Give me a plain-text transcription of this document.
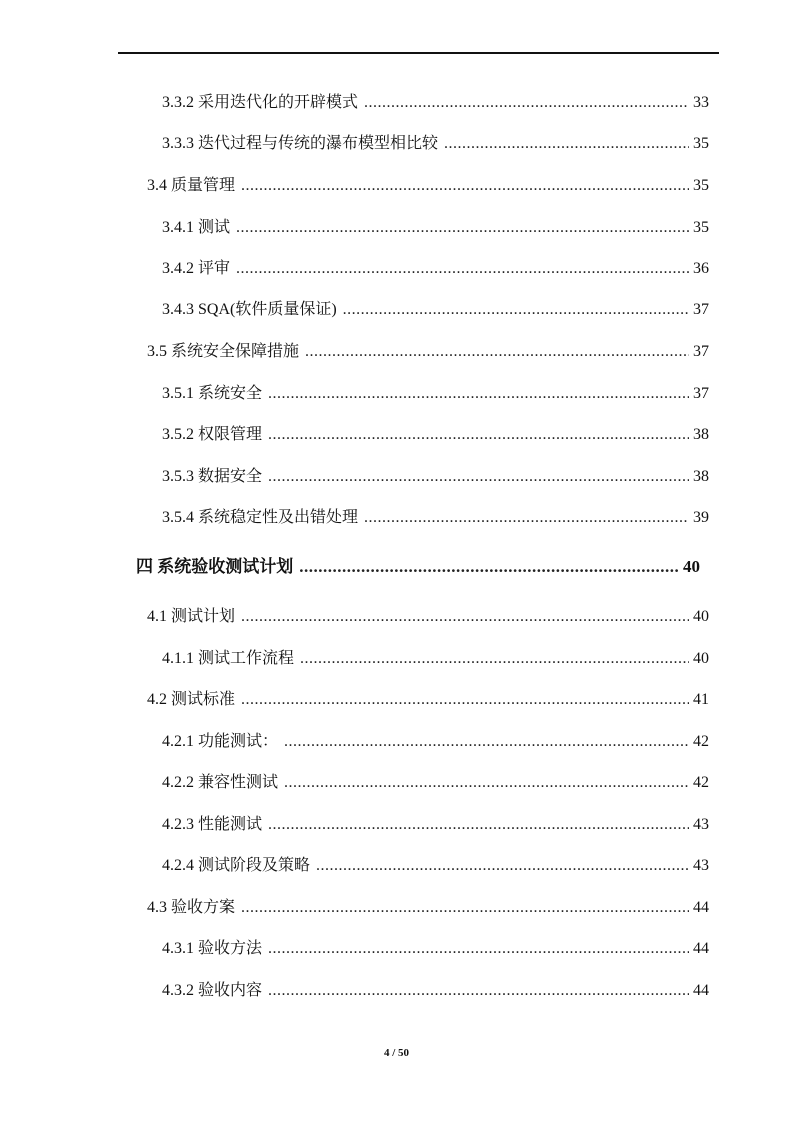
3.3.2 采用迭代化的开辟模式 .....	33
3.3.3 迭代过程与传统的瀑布模型相比较 .....	35
3.4 质量管理 .....	35
3.4.1 测试 .....	35
3.4.2 评审 .....	36
3.4.3 SQA(软件质量保证) .....	37
3.5 系统安全保障措施 .....	37
3.5.1 系统安全 .....	37
3.5.2 权限管理 .....	38
3.5.3 数据安全 .....	38
3.5.4 系统稳定性及出错处理 .....	39
四 系统验收测试计划 .....	40
4.1 测试计划 .....	40
4.1.1 测试工作流程 .....	40
4.2 测试标准 .....	41
4.2.1 功能测试： .....	42
4.2.2 兼容性测试 .....	42
4.2.3 性能测试 .....	43
4.2.4 测试阶段及策略 .....	43
4.3 验收方案 .....	44
4.3.1 验收方法 .....	44
4.3.2 验收内容 .....	44
4 / 50
